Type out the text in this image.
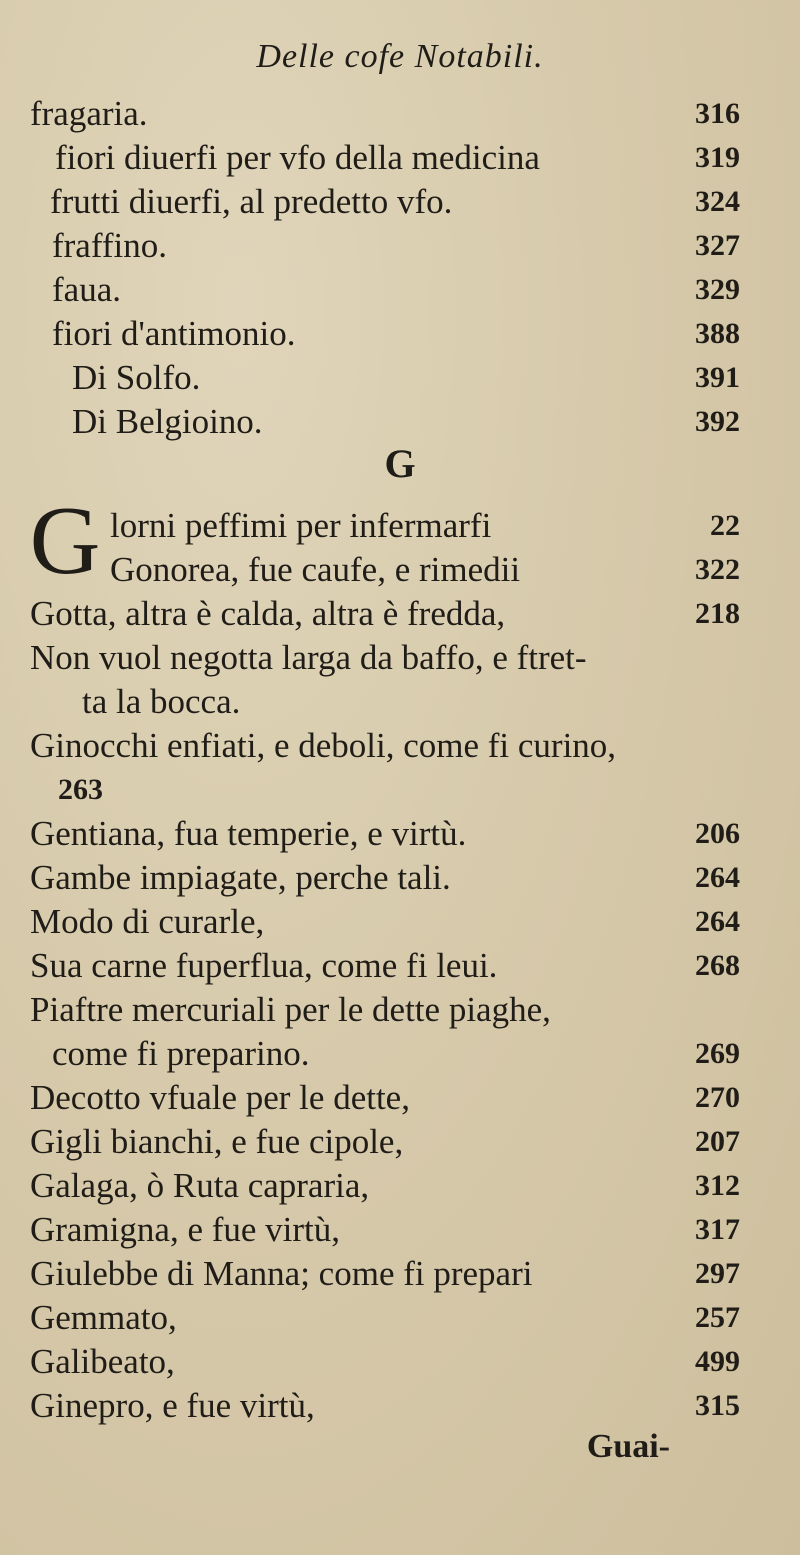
Delle cofe Notabili.
fragaria.	316
fiori diuerfi per vfo della medicina	319
frutti diuerfi, al predetto vfo.	324
fraffino.	327
faua.	329
fiori d'antimonio.	388
Di Solfo.	391
Di Belgioino.	392
G
G lorni peffimi per infermarfi	22
Gonorea, fue caufe, e rimedii	322
Gotta, altra è calda, altra è fredda,	218
Non vuol negotta larga da baffo, e ftret-
ta la bocca.
Ginocchi enfiati, e deboli, come fi curino,
263
Gentiana, fua temperie, e virtù.	206
Gambe impiagate, perche tali.	264
Modo di curarle,	264
Sua carne fuperflua, come fi leui.	268
Piaftre mercuriali per le dette piaghe,
come fi preparino.	269
Decotto vfuale per le dette,	270
Gigli bianchi, e fue cipole,	207
Galaga, ò Ruta capraria,	312
Gramigna, e fue virtù,	317
Giulebbe di Manna; come fi prepari	297
Gemmato,	257
Galibeato,	499
Ginepro, e fue virtù,	315
Guai-
